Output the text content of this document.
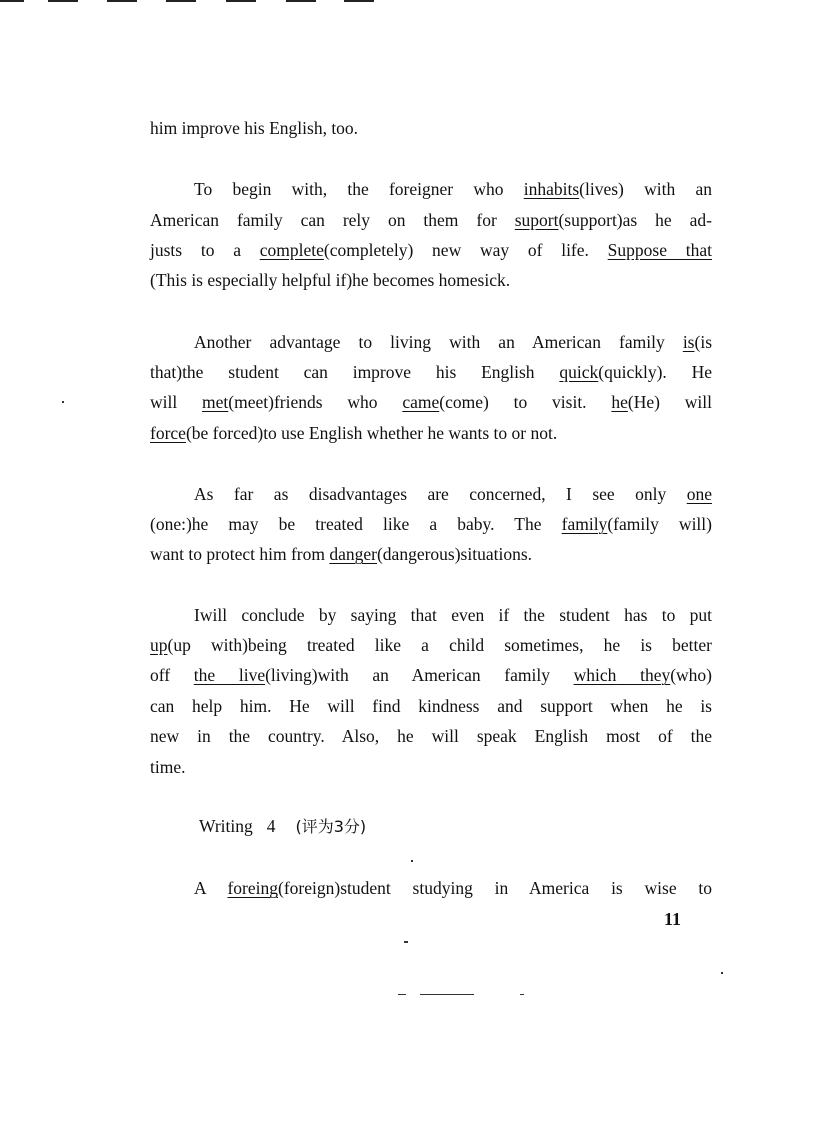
him improve his English, too.
To begin with, the foreigner who inhabits(lives) with an
American family can rely on them for suport(support)as he ad-
justs to a complete(completely) new way of life. Suppose that
(This is especially helpful if)he becomes homesick.
Another advantage to living with an American family is(is
that)the student can improve his English quick(quickly). He
will met(meet)friends who came(come) to visit. he(He) will
force(be forced)to use English whether he wants to or not.
As far as disadvantages are concerned, I see only one
(one:)he may be treated like a baby. The family(family will)
want to protect him from danger(dangerous)situations.
Iwill conclude by saying that even if the student has to put
up(up with)being treated like a child sometimes, he is better
off the live(living)with an American family which they(who)
can help him. He will find kindness and support when he is
new in the country. Also, he will speak English most of the
time.
Writing 4 (评为3分)
A foreing(foreign)student studying in America is wise to
11
